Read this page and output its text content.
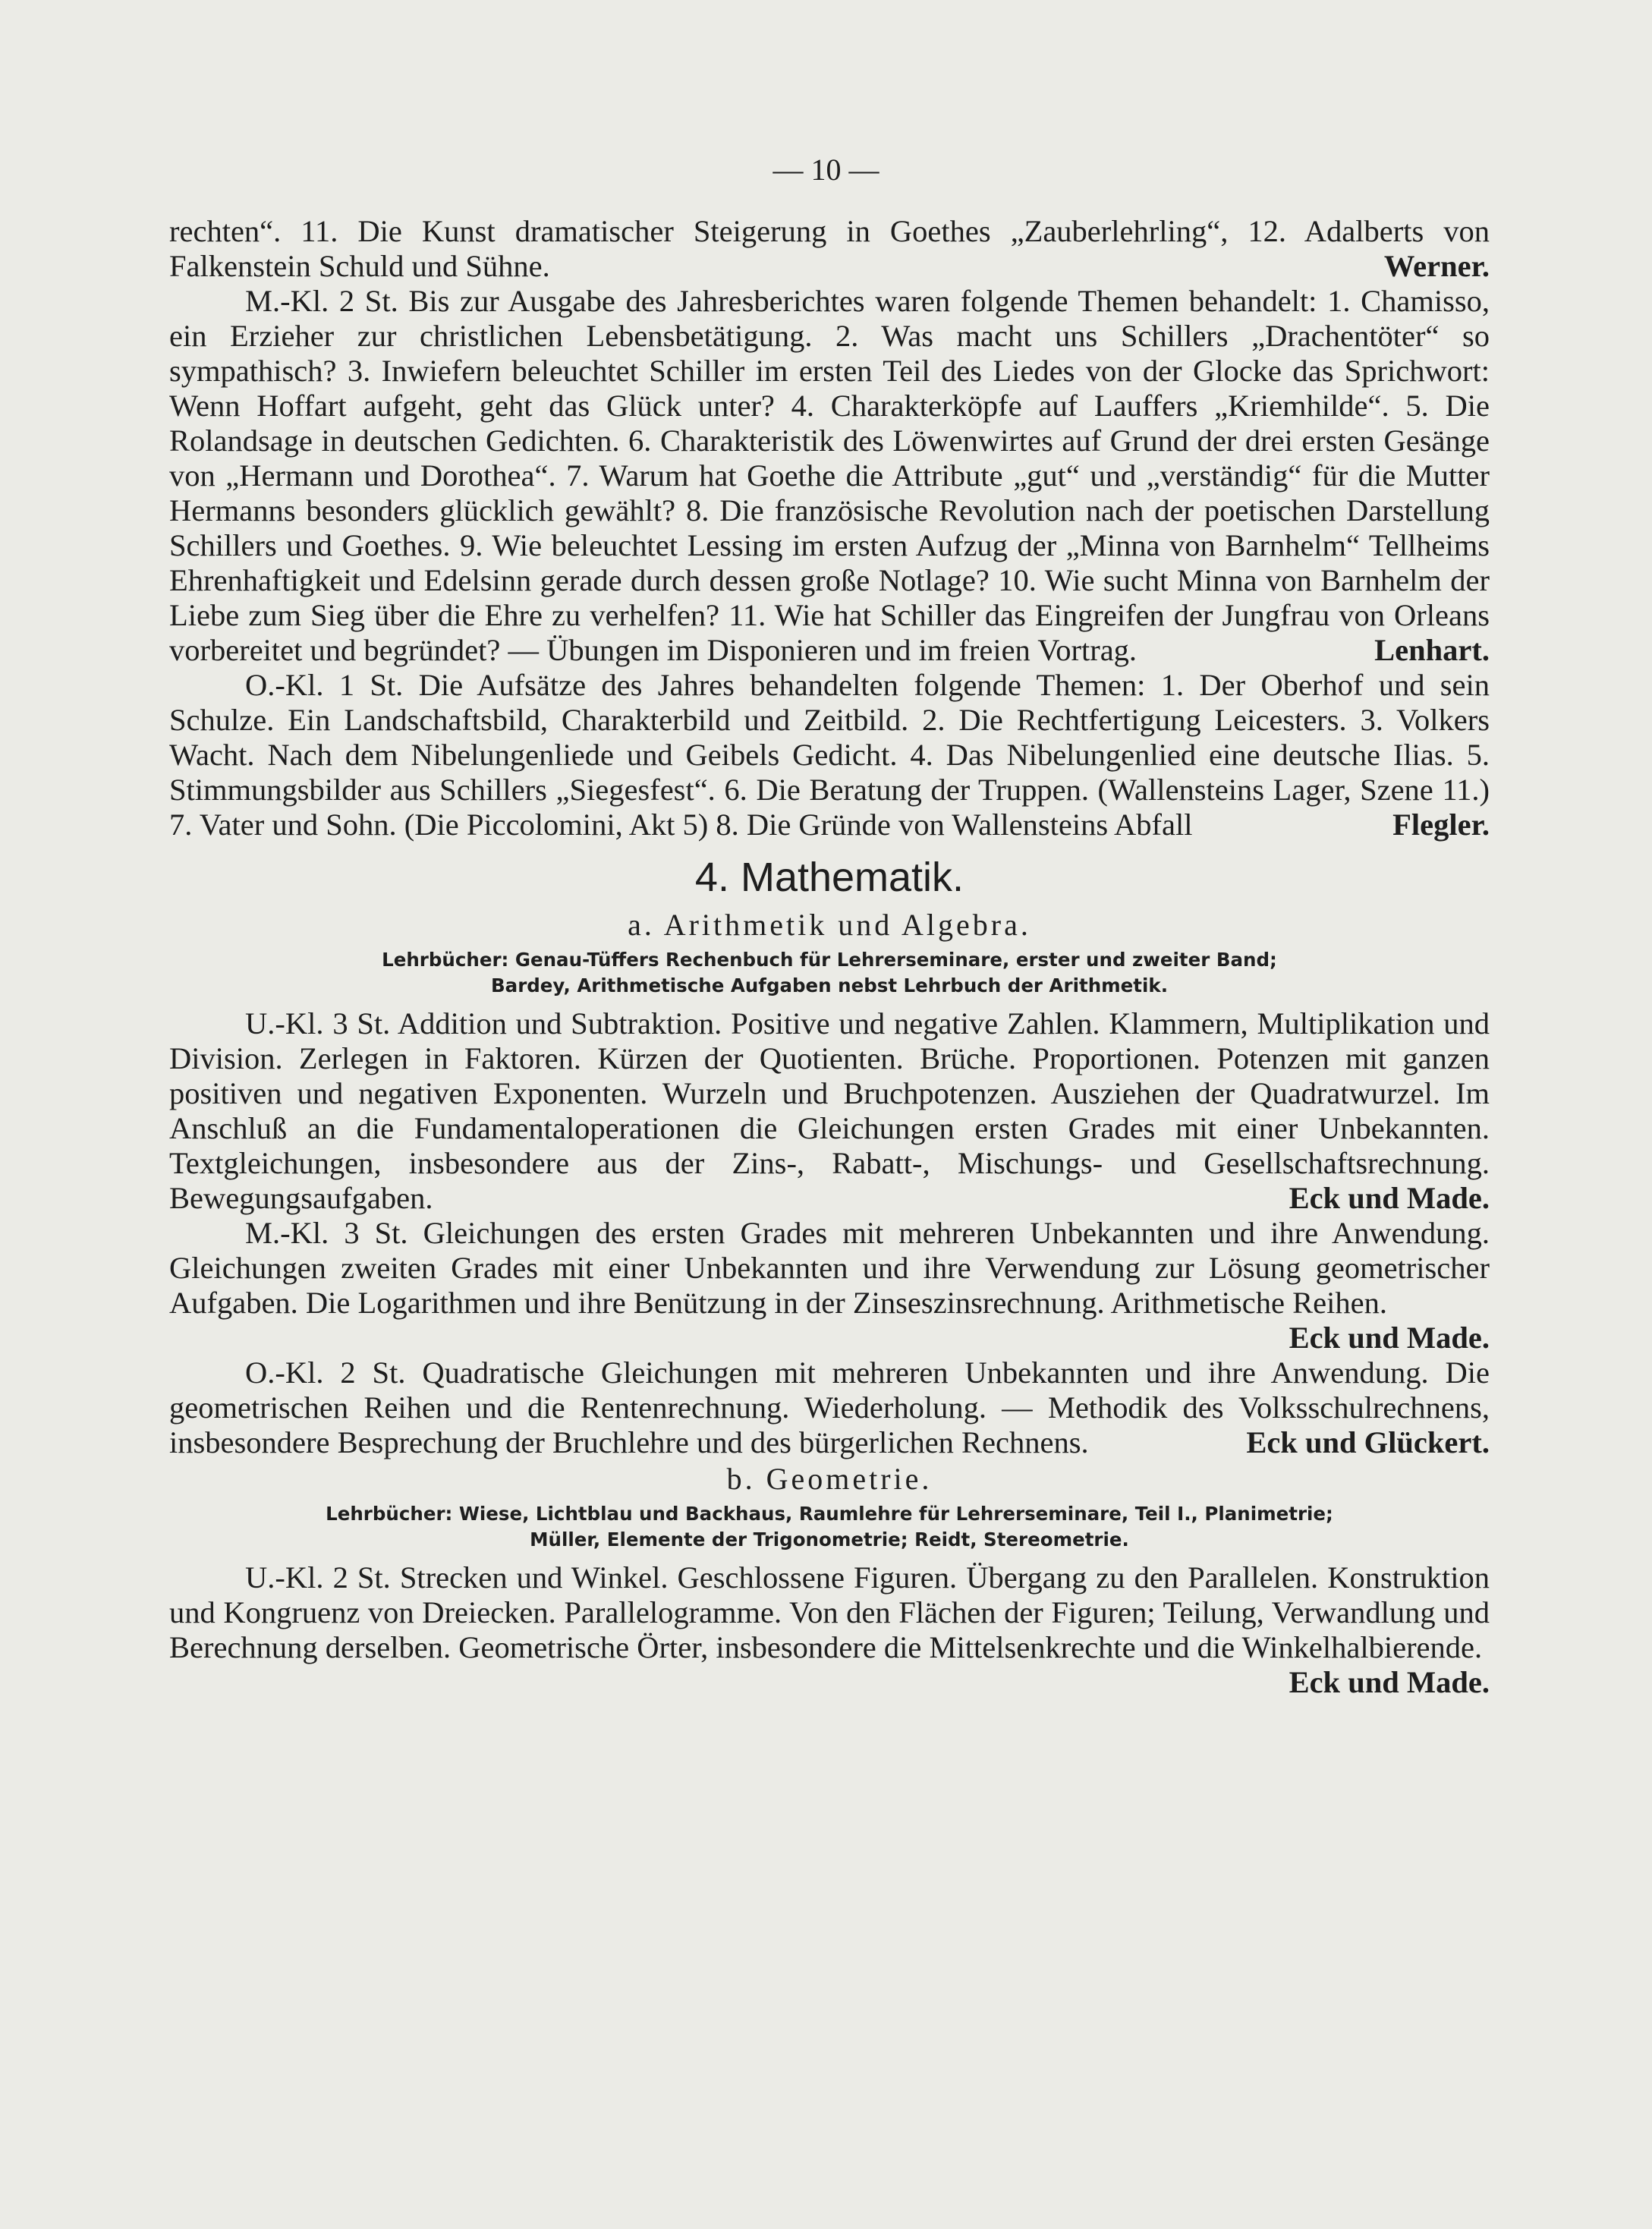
— 10 —

rechten“. 11. Die Kunst dramatischer Steigerung in Goethes „Zauberlehrling“, 12. Adalberts von Falkenstein Schuld und Sühne.	Werner.

M.-Kl. 2 St. Bis zur Ausgabe des Jahresberichtes waren folgende Themen behandelt: 1. Chamisso, ein Erzieher zur christlichen Lebensbetätigung. 2. Was macht uns Schillers „Drachentöter“ so sympathisch? 3. Inwiefern beleuchtet Schiller im ersten Teil des Liedes von der Glocke das Sprichwort: Wenn Hoffart aufgeht, geht das Glück unter? 4. Charakterköpfe auf Lauffers „Kriemhilde“. 5. Die Rolandsage in deutschen Gedichten. 6. Charakteristik des Löwenwirtes auf Grund der drei ersten Gesänge von „Hermann und Dorothea“. 7. Warum hat Goethe die Attribute „gut“ und „verständig“ für die Mutter Hermanns besonders glücklich gewählt? 8. Die französische Revolution nach der poetischen Darstellung Schillers und Goethes. 9. Wie beleuchtet Lessing im ersten Aufzug der „Minna von Barnhelm“ Tellheims Ehrenhaftigkeit und Edelsinn gerade durch dessen große Notlage? 10. Wie sucht Minna von Barnhelm der Liebe zum Sieg über die Ehre zu verhelfen? 11. Wie hat Schiller das Eingreifen der Jungfrau von Orleans vorbereitet und begründet? — Übungen im Disponieren und im freien Vortrag.	Lenhart.

O.-Kl. 1 St. Die Aufsätze des Jahres behandelten folgende Themen: 1. Der Oberhof und sein Schulze. Ein Landschaftsbild, Charakterbild und Zeitbild. 2. Die Rechtfertigung Leicesters. 3. Volkers Wacht. Nach dem Nibelungenliede und Geibels Gedicht. 4. Das Nibelungenlied eine deutsche Ilias. 5. Stimmungsbilder aus Schillers „Siegesfest“. 6. Die Beratung der Truppen. (Wallensteins Lager, Szene 11.) 7. Vater und Sohn. (Die Piccolomini, Akt 5) 8. Die Gründe von Wallensteins Abfall	Flegler.

4. Mathematik.
a. Arithmetik und Algebra.
Lehrbücher: Genau-Tüffers Rechenbuch für Lehrerseminare, erster und zweiter Band;
Bardey, Arithmetische Aufgaben nebst Lehrbuch der Arithmetik.

U.-Kl. 3 St. Addition und Subtraktion. Positive und negative Zahlen. Klammern, Multiplikation und Division. Zerlegen in Faktoren. Kürzen der Quotienten. Brüche. Proportionen. Potenzen mit ganzen positiven und negativen Exponenten. Wurzeln und Bruchpotenzen. Ausziehen der Quadratwurzel. Im Anschluß an die Fundamentaloperationen die Gleichungen ersten Grades mit einer Unbekannten. Textgleichungen, insbesondere aus der Zins-, Rabatt-, Mischungs- und Gesellschaftsrechnung. Bewegungsaufgaben.	Eck und Made.

M.-Kl. 3 St. Gleichungen des ersten Grades mit mehreren Unbekannten und ihre Anwendung. Gleichungen zweiten Grades mit einer Unbekannten und ihre Verwendung zur Lösung geometrischer Aufgaben. Die Logarithmen und ihre Benützung in der Zinseszinsrechnung. Arithmetische Reihen.
Eck und Made.

O.-Kl. 2 St. Quadratische Gleichungen mit mehreren Unbekannten und ihre Anwendung. Die geometrischen Reihen und die Rentenrechnung. Wiederholung. — Methodik des Volksschulrechnens, insbesondere Besprechung der Bruchlehre und des bürgerlichen Rechnens.	Eck und Glückert.

b. Geometrie.
Lehrbücher: Wiese, Lichtblau und Backhaus, Raumlehre für Lehrerseminare, Teil I., Planimetrie;
Müller, Elemente der Trigonometrie; Reidt, Stereometrie.

U.-Kl. 2 St. Strecken und Winkel. Geschlossene Figuren. Übergang zu den Parallelen. Konstruktion und Kongruenz von Dreiecken. Parallelogramme. Von den Flächen der Figuren; Teilung, Verwandlung und Berechnung derselben. Geometrische Örter, insbesondere die Mittelsenkrechte und die Winkelhalbierende.
Eck und Made.
